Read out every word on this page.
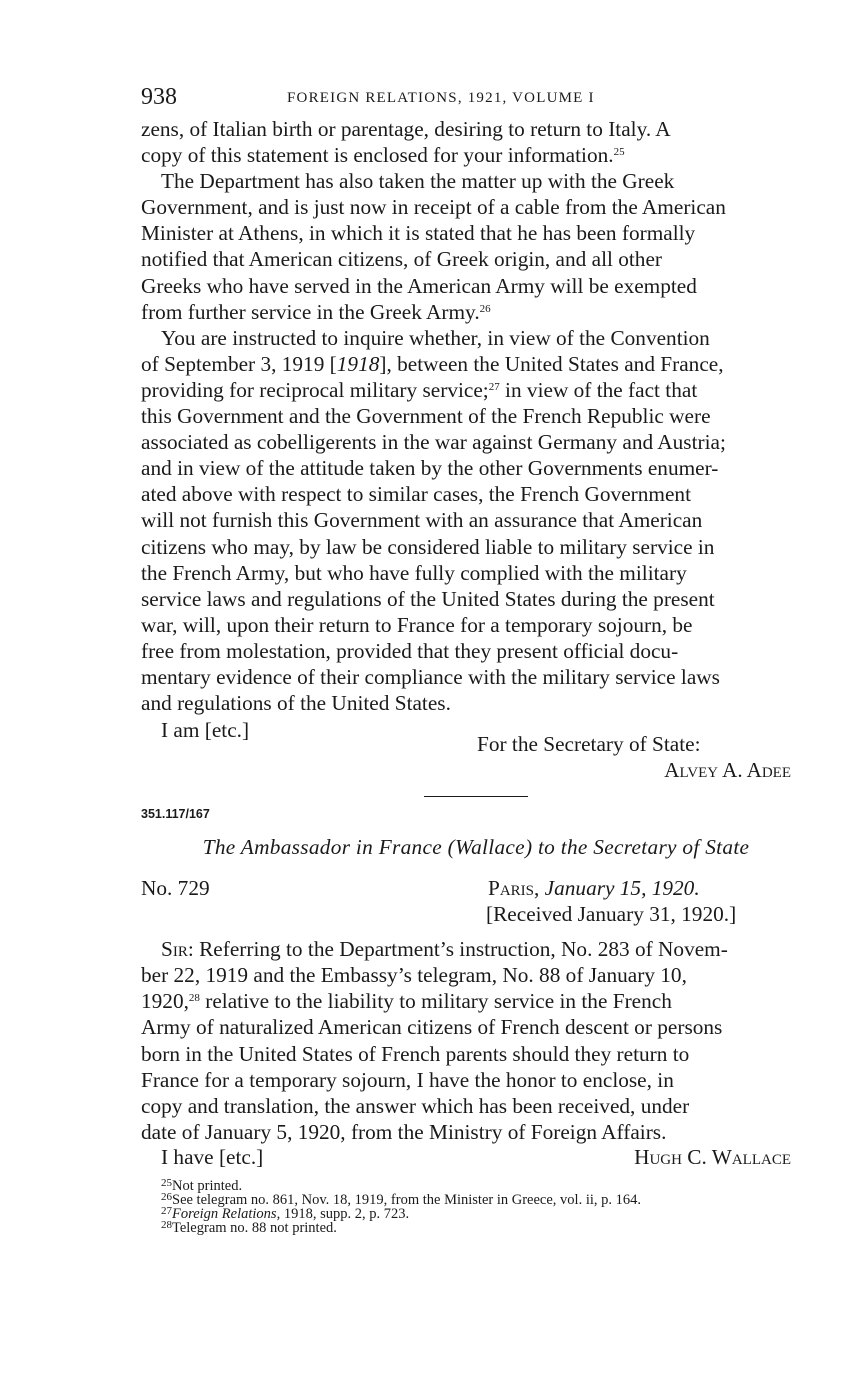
938	FOREIGN RELATIONS, 1921, VOLUME I

zens, of Italian birth or parentage, desiring to return to Italy. A

copy of this statement is enclosed for your information.$^{25}$

The Department has also taken the matter up with the Greek

Government, and is just now in receipt of a cable from the American

Minister at Athens, in which it is stated that he has been formally

notified that American citizens, of Greek origin, and all other

Greeks who have served in the American Army will be exempted

from further service in the Greek Army.$^{26}$

You are instructed to inquire whether, in view of the Convention

of September 3, 1919 [1918], between the United States and France,

providing for reciprocal military service;$^{27}$ in view of the fact that

this Government and the Government of the French Republic were

associated as cobelligerents in the war against Germany and Austria;

and in view of the attitude taken by the other Governments enumer-

ated above with respect to similar cases, the French Government

will not furnish this Government with an assurance that American

citizens who may, by law be considered liable to military service in

the French Army, but who have fully complied with the military

service laws and regulations of the United States during the present

war, will, upon their return to France for a temporary sojourn, be

free from molestation, provided that they present official docu-

mentary evidence of their compliance with the military service laws

and regulations of the United States.

I am [etc.]
For the Secretary of State:
Alvey A. Adee
351.117/167
The Ambassador in France (Wallace) to the Secretary of State
No. 729	Paris, January 15, 1920.
[Received January 31, 1920.]

Sir: Referring to the Department’s instruction, No. 283 of Novem-

ber 22, 1919 and the Embassy’s telegram, No. 88 of January 10,

1920,28 relative to the liability to military service in the French

Army of naturalized American citizens of French descent or persons

born in the United States of French parents should they return to

France for a temporary sojourn, I have the honor to enclose, in

copy and translation, the answer which has been received, under

date of January 5, 1920, from the Ministry of Foreign Affairs.

I have [etc.]	Hugh C. Wallace
$^{25}$Not printed.
$^{26}$See telegram no. 861, Nov. 18, 1919, from the Minister in Greece, vol. ii, p. 164.
$^{27}$Foreign Relations, 1918, supp. 2, p. 723.
$^{28}$Telegram no. 88 not printed.
